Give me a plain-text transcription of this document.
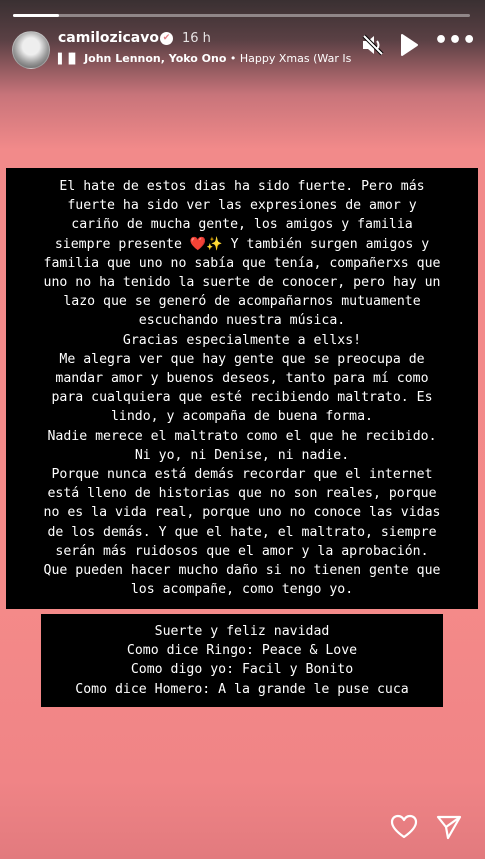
camilozicavo ✔ 16 h
▌▐▌ John Lennon, Yoko Ono • Happy Xmas (War Is
•••
El hate de estos dias ha sido fuerte. Pero más
fuerte ha sido ver las expresiones de amor y
cariño de mucha gente, los amigos y familia
siempre presente ❤️✨ Y también surgen amigos y
familia que uno no sabía que tenía, compañerxs que
uno no ha tenido la suerte de conocer, pero hay un
lazo que se generó de acompañarnos mutuamente
escuchando nuestra música.
Gracias especialmente a ellxs!
Me alegra ver que hay gente que se preocupa de
mandar amor y buenos deseos, tanto para mí como
para cualquiera que esté recibiendo maltrato. Es
lindo, y acompaña de buena forma.
Nadie merece el maltrato como el que he recibido.
Ni yo, ni Denise, ni nadie.
Porque nunca está demás recordar que el internet
está lleno de historias que no son reales, porque
no es la vida real, porque uno no conoce las vidas
de los demás. Y que el hate, el maltrato, siempre
serán más ruidosos que el amor y la aprobación.
Que pueden hacer mucho daño si no tienen gente que
los acompañe, como tengo yo.
Suerte y feliz navidad
Como dice Ringo: Peace & Love
Como digo yo: Facil y Bonito
Como dice Homero: A la grande le puse cuca
